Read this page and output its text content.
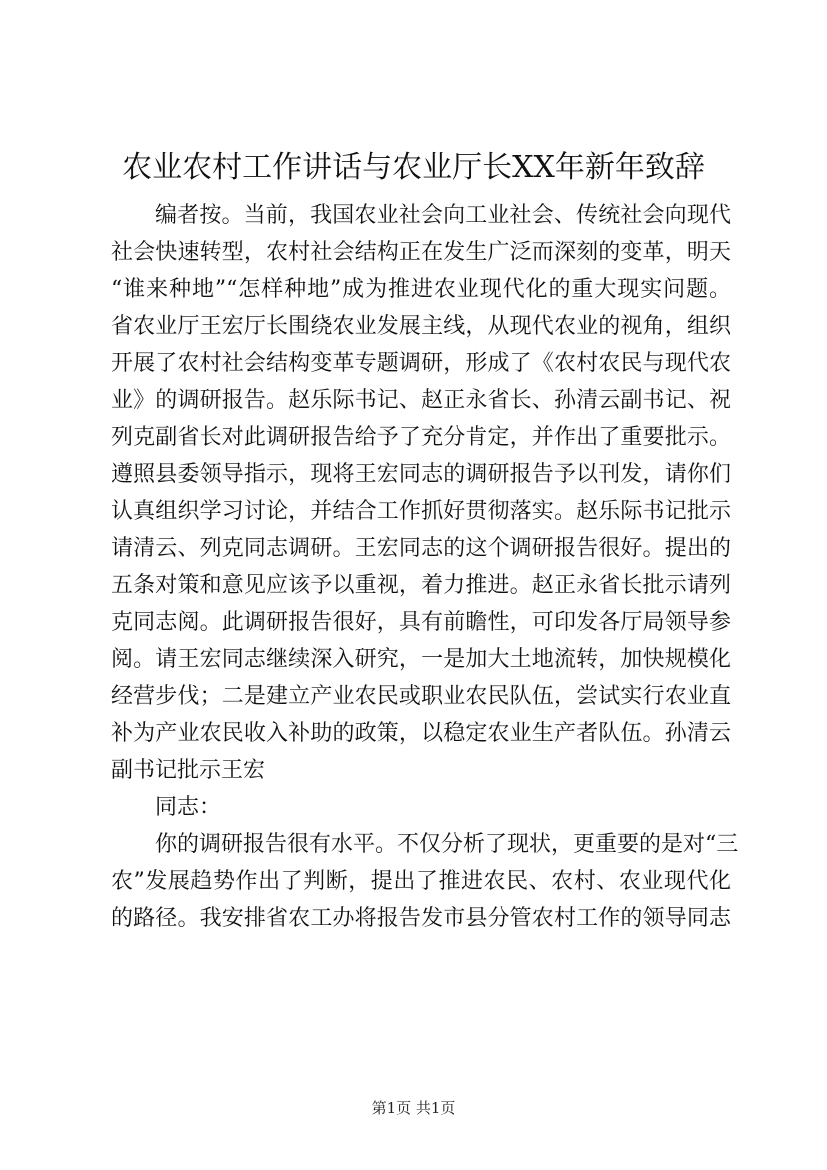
农业农村工作讲话与农业厅长XX年新年致辞
编者按。当前，我国农业社会向工业社会、传统社会向现代
社会快速转型，农村社会结构正在发生广泛而深刻的变革，明天
“谁来种地”“怎样种地”成为推进农业现代化的重大现实问题。
省农业厅王宏厅长围绕农业发展主线，从现代农业的视角，组织
开展了农村社会结构变革专题调研，形成了《农村农民与现代农
业》的调研报告。赵乐际书记、赵正永省长、孙清云副书记、祝
列克副省长对此调研报告给予了充分肯定，并作出了重要批示。
遵照县委领导指示，现将王宏同志的调研报告予以刊发，请你们
认真组织学习讨论，并结合工作抓好贯彻落实。赵乐际书记批示
请清云、列克同志调研。王宏同志的这个调研报告很好。提出的
五条对策和意见应该予以重视，着力推进。赵正永省长批示请列
克同志阅。此调研报告很好，具有前瞻性，可印发各厅局领导参
阅。请王宏同志继续深入研究，一是加大土地流转，加快规模化
经营步伐；二是建立产业农民或职业农民队伍，尝试实行农业直
补为产业农民收入补助的政策，以稳定农业生产者队伍。孙清云
副书记批示王宏
同志：
你的调研报告很有水平。不仅分析了现状，更重要的是对“三
农”发展趋势作出了判断，提出了推进农民、农村、农业现代化
的路径。我安排省农工办将报告发市县分管农村工作的领导同志
第1页 共1页
